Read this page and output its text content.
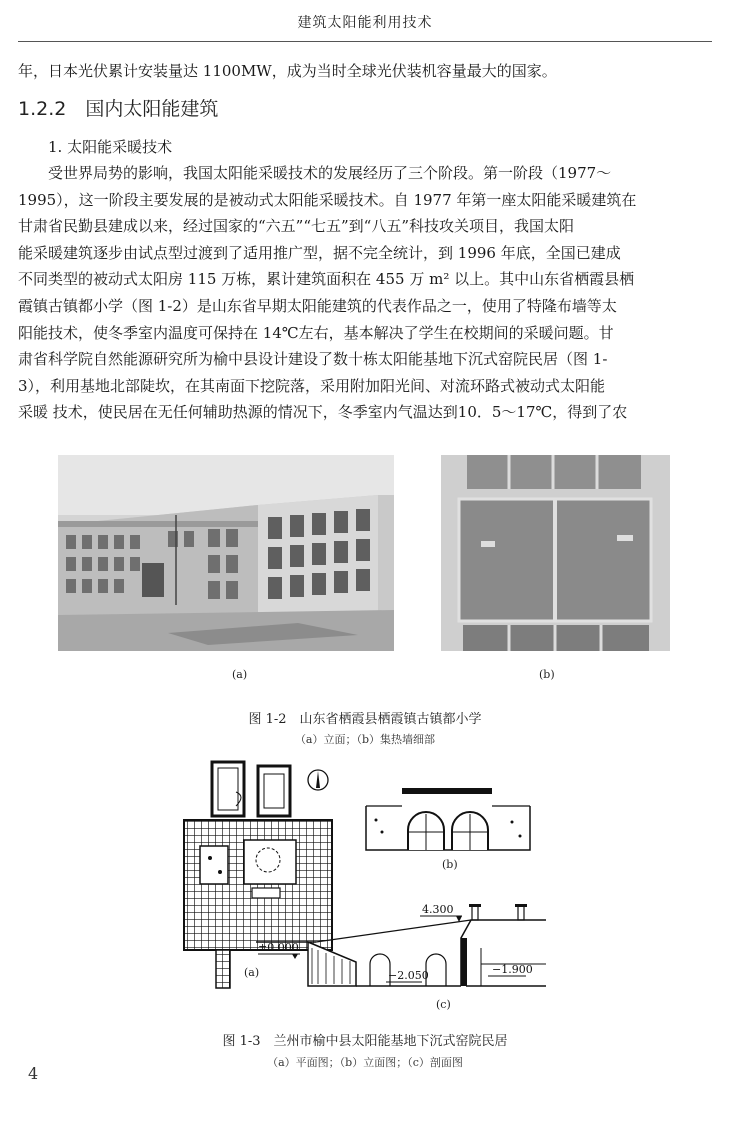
建筑太阳能利用技术
年，日本光伏累计安装量达 1100MW，成为当时全球光伏装机容量最大的国家。
1.2.2　国内太阳能建筑
1. 太阳能采暖技术
　　受世界局势的影响，我国太阳能采暖技术的发展经历了三个阶段。第一阶段（1977～
1995），这一阶段主要发展的是被动式太阳能采暖技术。自 1977 年第一座太阳能采暖建筑在
甘肃省民勤县建成以来，经过国家的“六五”“七五”到“八五”科技攻关项目，我国太阳
能采暖建筑逐步由试点型过渡到了适用推广型，据不完全统计，到 1996 年底，全国已建成
不同类型的被动式太阳房 115 万栋，累计建筑面积在 455 万 m² 以上。其中山东省栖霞县栖
霞镇古镇都小学（图 1-2）是山东省早期太阳能建筑的代表作品之一，使用了特隆布墙等太
阳能技术，使冬季室内温度可保持在 14℃左右，基本解决了学生在校期间的采暖问题。甘
肃省科学院自然能源研究所为榆中县设计建设了数十栋太阳能基地下沉式窑院民居（图 1-
3），利用基地北部陡坎，在其南面下挖院落，采用附加阳光间、对流环路式被动式太阳能
采暖 技术，使民居在无任何辅助热源的情况下，冬季室内气温达到10．5～17℃，得到了农
(a)	(b)
图 1-2　山东省栖霞县栖霞镇古镇都小学
（a）立面；（b）集热墙细部
(a)
(b)
4.300
±0.000
−2.050	−1.900
(c)
图 1-3　兰州市榆中县太阳能基地下沉式窑院民居
（a）平面图；（b）立面图；（c）剖面图
4
